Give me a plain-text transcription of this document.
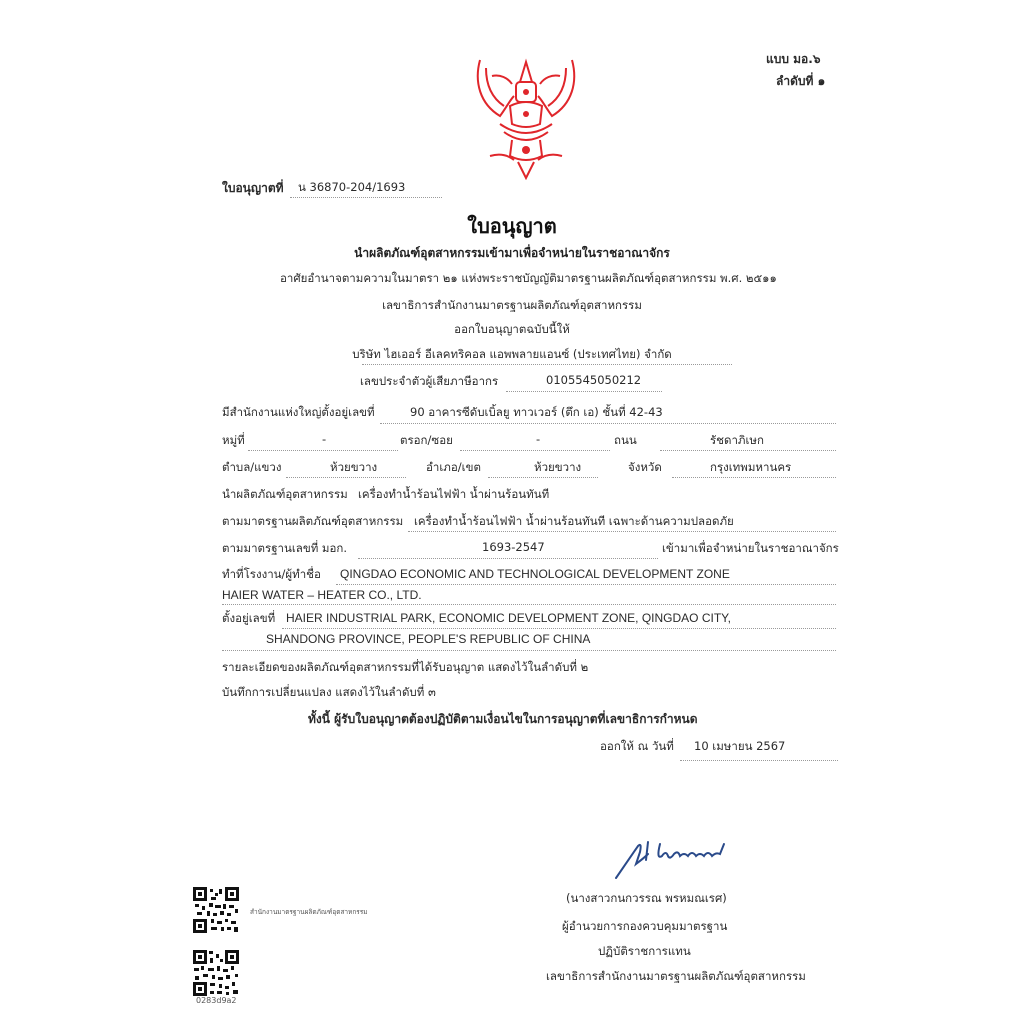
แบบ มอ.๖
ลำดับที่ ๑
ใบอนุญาตที่ น 36870-204/1693
ใบอนุญาต
นำผลิตภัณฑ์อุตสาหกรรมเข้ามาเพื่อจำหน่ายในราชอาณาจักร
อาศัยอำนาจตามความในมาตรา ๒๑ แห่งพระราชบัญญัติมาตรฐานผลิตภัณฑ์อุตสาหกรรม พ.ศ. ๒๕๑๑
เลขาธิการสำนักงานมาตรฐานผลิตภัณฑ์อุตสาหกรรม
ออกใบอนุญาตฉบับนี้ให้
บริษัท ไฮเออร์ อีเลคทริคอล แอพพลายแอนซ์ (ประเทศไทย) จำกัด
เลขประจำตัวผู้เสียภาษีอากร	0105545050212
มีสำนักงานแห่งใหญ่ตั้งอยู่เลขที่	90 อาคารซีดับเบิ้ลยู ทาวเวอร์ (ตึก เอ) ชั้นที่ 42-43
หมู่ที่	-	ตรอก/ซอย	-	ถนน	รัชดาภิเษก
ตำบล/แขวง	ห้วยขวาง	อำเภอ/เขต	ห้วยขวาง	จังหวัด	กรุงเทพมหานคร
นำผลิตภัณฑ์อุตสาหกรรม เครื่องทำน้ำร้อนไฟฟ้า น้ำผ่านร้อนทันที
ตามมาตรฐานผลิตภัณฑ์อุตสาหกรรม เครื่องทำน้ำร้อนไฟฟ้า น้ำผ่านร้อนทันที เฉพาะด้านความปลอดภัย
ตามมาตรฐานเลขที่ มอก.	1693-2547	เข้ามาเพื่อจำหน่ายในราชอาณาจักร
ทำที่โรงงาน/ผู้ทำชื่อ QINGDAO ECONOMIC AND TECHNOLOGICAL DEVELOPMENT ZONE
HAIER WATER – HEATER CO., LTD.
ตั้งอยู่เลขที่ HAIER INDUSTRIAL PARK, ECONOMIC DEVELOPMENT ZONE, QINGDAO CITY,
SHANDONG PROVINCE, PEOPLE'S REPUBLIC OF CHINA
รายละเอียดของผลิตภัณฑ์อุตสาหกรรมที่ได้รับอนุญาต แสดงไว้ในลำดับที่ ๒
บันทึกการเปลี่ยนแปลง แสดงไว้ในลำดับที่ ๓
ทั้งนี้ ผู้รับใบอนุญาตต้องปฏิบัติตามเงื่อนไขในการอนุญาตที่เลขาธิการกำหนด
ออกให้ ณ วันที่ 10 เมษายน 2567
(นางสาวกนกวรรณ พรหมณเรศ)
ผู้อำนวยการกองควบคุมมาตรฐาน
ปฏิบัติราชการแทน
เลขาธิการสำนักงานมาตรฐานผลิตภัณฑ์อุตสาหกรรม
สำนักงานมาตรฐานผลิตภัณฑ์อุตสาหกรรม
0283d9a2
